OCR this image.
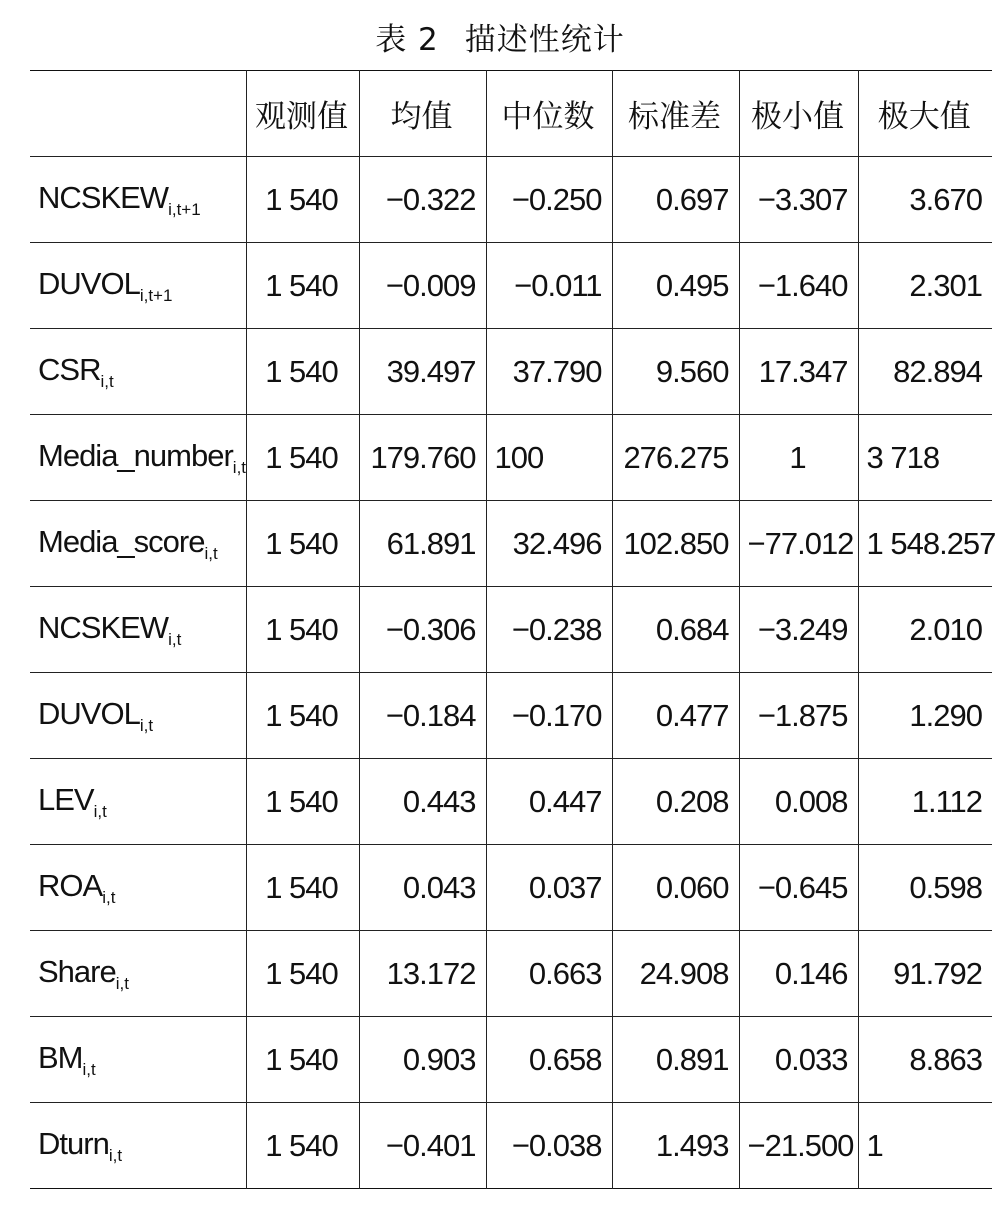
表 2 描述性统计
	观测值	均值	中位数	标准差	极小值	极大值
$NCSKEW_{i,t+1}$	1 540	−0.322	−0.250	0.697	−3.307	3.670
$DUVOL_{i,t+1}$	1 540	−0.009	−0.011	0.495	−1.640	2.301
$CSR_{i,t}$	1 540	39.497	37.790	9.560	17.347	82.894
Media_number$_{i,t}$	1 540	179.760	100	276.275	1	3 718
Media_score$_{i,t}$	1 540	61.891	32.496	102.850	−77.012	1 548.257
$NCSKEW_{i,t}$	1 540	−0.306	−0.238	0.684	−3.249	2.010
$DUVOL_{i,t}$	1 540	−0.184	−0.170	0.477	−1.875	1.290
$LEV_{i,t}$	1 540	0.443	0.447	0.208	0.008	1.112
$ROA_{i,t}$	1 540	0.043	0.037	0.060	−0.645	0.598
Share$_{i,t}$	1 540	13.172	0.663	24.908	0.146	91.792
$BM_{i,t}$	1 540	0.903	0.658	0.891	0.033	8.863
Dturn$_{i,t}$	1 540	−0.401	−0.038	1.493	−21.500	1
